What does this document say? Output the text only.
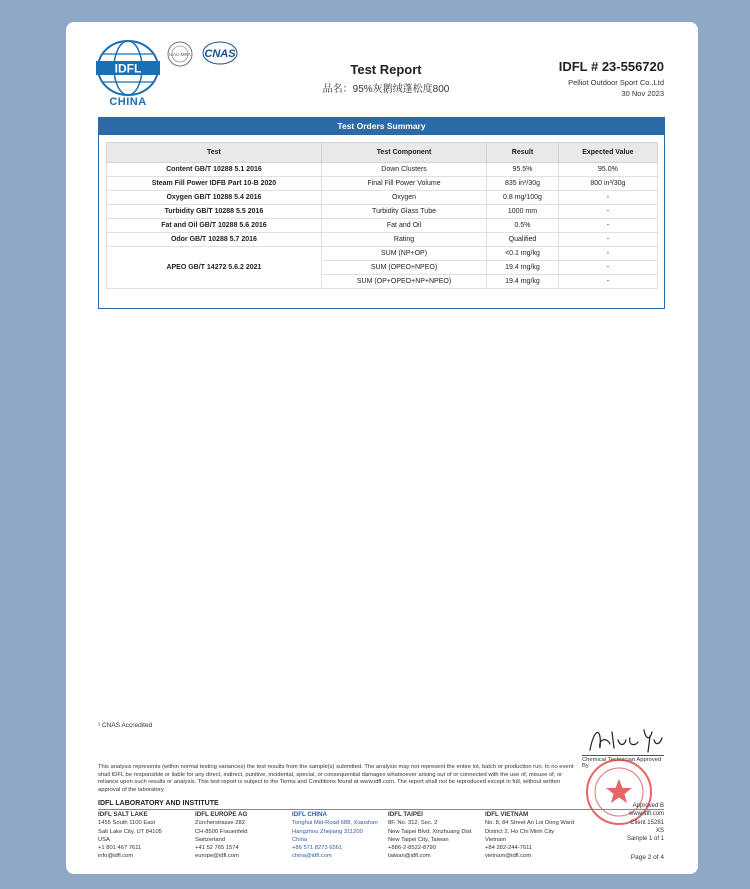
IDFL
CHINA
ILAC-MRA CNAS
Test Report
品名：95%灰鹅绒蓬松度800
IDFL # 23-556720
Pelliot Outdoor Sport Co.,Ltd
30 Nov 2023
Test Orders Summary
Test	Test Component	Result	Expected Value
Content GB/T 10288 5.1 2016	Down Clusters	95.5%	95.0%
Steam Fill Power IDFB Part 10-B 2020	Final Fill Power Volume	835 in³/30g	800 in³/30g
Oxygen GB/T 10288 5.4 2016	Oxygen	0.8 mg/100g	-
Turbidity GB/T 10288 5.5 2016	Turbidity Glass Tube	1000 mm	-
Fat and Oil GB/T 10288 5.6 2016	Fat and Oil	0.5%	-
Odor GB/T 10288 5.7 2016	Rating	Qualified	-
APEO GB/T 14272 5.6.2 2021	SUM (NP+OP)	<0.1 mg/kg	-
	SUM (OPEO+NPEO)	19.4 mg/kg	-
	SUM (OP+OPEO+NP+NPEO)	19.4 mg/kg	-
¹ CNAS Accredited
Chemical Technician Approved By
This analysis represents (within normal testing variances) the test results from the sample(s) submitted. The analysis may not represent the entire lot, batch or production run. In no event shall IDFL be responsible or liable for any direct, indirect, punitive, incidental, special, or consequential damages whatsoever arising out of or connected with the use of, misuse of, or reliance upon such results or analysis. This test report is subject to the Terms and Conditions found at www.idfl.com. The report shall not be reproduced except in full, without written approval of the laboratory.
IDFL LABORATORY AND INSTITUTE
IDFL SALT LAKE
1455 South 1100 East
Salt Lake City, UT 84105
USA
+1 801 467 7611
info@idfl.com
IDFL EUROPE AG
Zürcherstrasse 282
CH-8500 Frauenfeld
Switzerland
+41 52 765 1574
europe@idfl.com
IDFL CHINA
Tonghui Mid-Road 688, Xiaoshan
Hangzhou Zhejiang 311200
China
+86 571 8273 6561
china@idfl.com
IDFL TAIPEI
8F, No. 312, Sec. 2
New Taipei Blvd, Xinzhuang Dist
New Taipei City, Taiwan
+886-2-8522-8790
taiwan@idfl.com
IDFL VIETNAM
No. 8, 84 Street An Loi Dong Ward
District 2, Ho Chi Minh City
Vietnam
+84 282-244-7611
vietnam@idfl.com
Approved B
www.idfl.com
Client 15281
XS
Sample 1 of 1
Page 2 of 4
